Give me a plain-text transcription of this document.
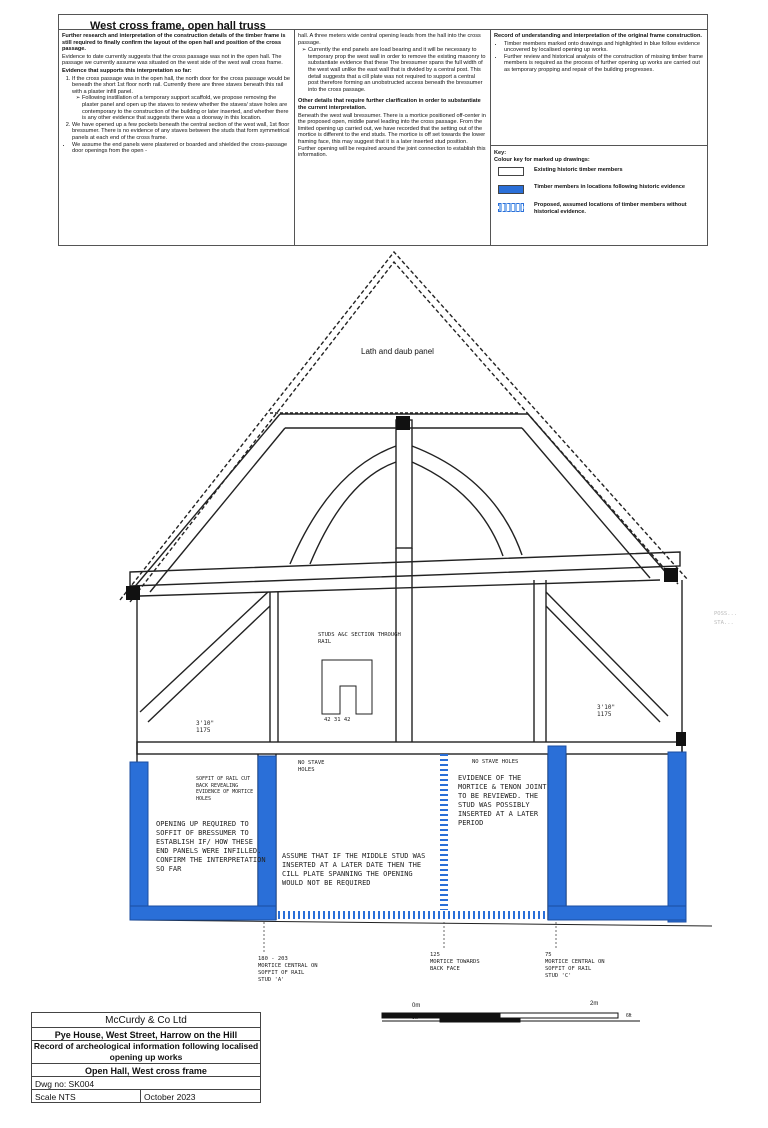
West cross frame, open hall truss
Further research and interpretation of the construction details of the timber frame is still required to finally confirm the layout of the open hall and position of the cross passage.
Evidence to date currently suggests that the cross passage was not in the open hall. The passage we currently assume was situated on the west side of the west wall cross frame.
Evidence that supports this interpretation so far:
1. If the cross passage was in the open hall, the north door for the cross passage would be beneath the short 1st floor north rail. Currently there are three staves beneath this rail with a plaster infill panel.
➢ Following instillation of a temporary support scaffold, we propose removing the plaster panel and open up the staves to review whether the staves/ stave holes are contemporary to the construction of the building or later inserted, and whether there is any other evidence that suggests there was a doorway in this location.
2. We have opened up a few pockets beneath the central section of the west wall, 1st floor bressumer. There is no evidence of any staves between the studs that form symmetrical panels at each end of the cross frame.
• We assume the end panels were plastered or boarded and shielded the cross-passage door openings from the open -
hall. A three meters wide central opening leads from the hall into the cross passage.
➢ Currently the end panels are load bearing and it will be necessary to temporary prop the west wall in order to remove the existing masonry to substantiate evidence that these The bressumer spans the full width of the west wall unlike the east wall that is divided by a central post. This detail suggests that a cill plate was not required to support a central post therefore forming an unobstructed access beneath the bressumer into the cross passage.
Other details that require further clarification in order to substantiate the current interpretation.
Beneath the west wall bressumer. There is a mortice positioned off-center in the proposed open, middle panel leading into the cross passage. From the limited opening up carried out, we have recorded that the setting out of the mortice is different to the end studs. The mortice is off set towards the lower framing face, this may suggest that it is a later inserted stud position. Further opening will be required around the joint connection to establish this information.
Record of understanding and interpretation of the original frame construction.
• Timber members marked onto drawings and highlighted in blue follow evidence uncovered by localised opening up works.
• Further review and historical analysis of the construction of missing timber frame members is required as the process of further opening up works are carried out as temporary propping and repair of the building progresses.
Key:
Colour key for marked up drawings:
Existing historic timber members
Timber members in locations following historic evidence
Proposed, assumed locations of timber members without historical evidence.
Lath and daub panel
STUDS A&C SECTION THROUGH RAIL
42 31 42
3'10"
1175
3'10"
1175
NO STAVE HOLES
NO STAVE HOLES
SOFFIT OF RAIL CUT BACK REVEALING EVIDENCE OF MORTICE HOLES
OPENING UP REQUIRED TO SOFFIT OF BRESSUMER TO ESTABLISH IF/ HOW THESE END PANELS WERE INFILLED. CONFIRM THE INTERPRETATION SO FAR
EVIDENCE OF THE MORTICE & TENON JOINT TO BE REVIEWED. THE STUD WAS POSSIBLY INSERTED AT A LATER PERIOD
ASSUME THAT IF THE MIDDLE STUD WAS INSERTED AT A LATER DATE THEN THE CILL PLATE SPANNING THE OPENING WOULD NOT BE REQUIRED
180 - 203
MORTICE CENTRAL ON SOFFIT OF RAIL
STUD 'A'
125
MORTICE TOWARDS BACK FACE
75
MORTICE CENTRAL ON SOFFIT OF RAIL
STUD 'C'
POSS... STA...
0m	2m
0ft	6ft
McCurdy & Co Ltd
Pye House, West Street, Harrow on the Hill
Record of archeological information following localised opening up works
Open Hall, West cross frame
Dwg no: SK004
Scale NTS	October 2023
